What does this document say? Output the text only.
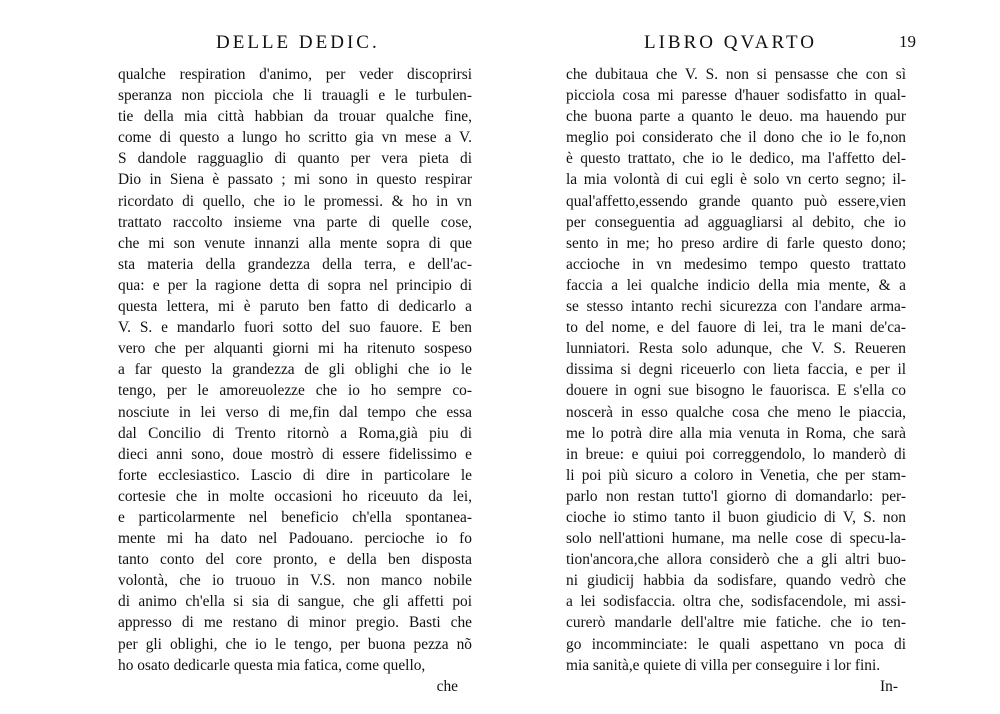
DELLE DEDIC.
qualche respiration d'animo, per veder discoprirsi
speranza non picciola che li trauagli e le turbulen-
tie della mia città habbian da trouar qualche fine,
come di questo a lungo ho scritto gia vn mese a V.
S dandole ragguaglio di quanto per vera pieta di
Dio in Siena è passato ; mi sono in questo respirar
ricordato di quello, che io le promessi. & ho in vn
trattato raccolto insieme vna parte di quelle cose,
che mi son venute innanzi alla mente sopra di que
sta materia della grandezza della terra, e dell'ac-
qua: e per la ragione detta di sopra nel principio di
questa lettera, mi è paruto ben fatto di dedicarlo a
V. S. e mandarlo fuori sotto del suo fauore. E ben
vero che per alquanti giorni mi ha ritenuto sospeso
a far questo la grandezza de gli oblighi che io le
tengo, per le amoreuolezze che io ho sempre co-
nosciute in lei verso di me,fin dal tempo che essa
dal Concilio di Trento ritornò a Roma,già piu di
dieci anni sono, doue mostrò di essere fidelissimo e
forte ecclesiastico. Lascio di dire in particolare le
cortesie che in molte occasioni ho riceuuto da lei,
e particolarmente nel beneficio ch'ella spontanea-
mente mi ha dato nel Padouano. percioche io fo
tanto conto del core pronto, e della ben disposta
volontà, che io truouo in V.S. non manco nobile
di animo ch'ella si sia di sangue, che gli affetti poi
appresso di me restano di minor pregio. Basti che
per gli oblighi, che io le tengo, per buona pezza nõ
ho osato dedicarle questa mia fatica, come quello,
che
LIBRO QVARTO	19
che dubitaua che V. S. non si pensasse che con sì
picciola cosa mi paresse d'hauer sodisfatto in qual-
che buona parte a quanto le deuo. ma hauendo pur
meglio poi considerato che il dono che io le fo,non
è questo trattato, che io le dedico, ma l'affetto del-
la mia volontà di cui egli è solo vn certo segno; il-
qual'affetto,essendo grande quanto può essere,vien
per conseguentia ad agguagliarsi al debito, che io
sento in me; ho preso ardire di farle questo dono;
accioche in vn medesimo tempo questo trattato
faccia a lei qualche indicio della mia mente, & a
se stesso intanto rechi sicurezza con l'andare arma-
to del nome, e del fauore di lei, tra le mani de'ca-
lunniatori. Resta solo adunque, che V. S. Reueren
dissima si degni riceuerlo con lieta faccia, e per il
douere in ogni sue bisogno le fauorisca. E s'ella co
noscerà in esso qualche cosa che meno le piaccia,
me lo potrà dire alla mia venuta in Roma, che sarà
in breue: e quiui poi correggendolo, lo manderò di
li poi più sicuro a coloro in Venetia, che per stam-
parlo non restan tutto'l giorno di domandarlo: per-
cioche io stimo tanto il buon giudicio di V, S. non
solo nell'attioni humane, ma nelle cose di specu-la-
tion'ancora,che allora considerò che a gli altri buo-
ni giudicij habbia da sodisfare, quando vedrò che
a lei sodisfaccia. oltra che, sodisfacendole, mi assi-
curerò mandarle dell'altre mie fatiche. che io ten-
go incomminciate: le quali aspettano vn poca di
mia sanità,e quiete di villa per conseguire i lor fini.
In-
